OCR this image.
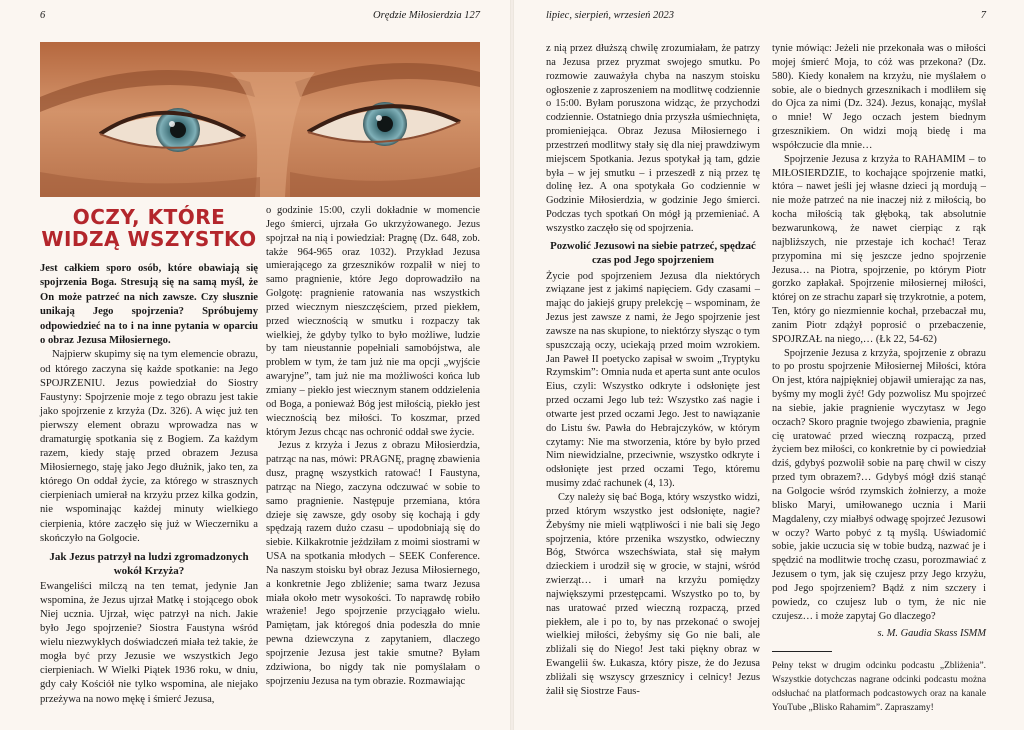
6	Orędzie Miłosierdzia 127	lipiec, sierpień, wrzesień 2023	7
OCZY, KTÓRE WIDZĄ WSZYSTKO

Jest całkiem sporo osób, które obawiają się spojrzenia Boga. Stresują się na samą myśl, że On może patrzeć na nich zawsze. Czy słusznie unikają Jego spojrzenia? Spróbujemy odpowiedzieć na to i na inne pytania w oparciu o obraz Jezusa Miłosiernego.

Najpierw skupimy się na tym elemencie obrazu, od którego zaczyna się każde spotkanie: na Jego SPOJRZENIU. Jezus powiedział do Siostry Faustyny: Spojrzenie moje z tego obrazu jest takie jako spojrzenie z krzyża (Dz. 326). A więc już ten pierwszy element obrazu wprowadza nas w dramaturgię spotkania się z Bogiem. Za każdym razem, kiedy staję przed obrazem Jezusa Miłosiernego, staję jako Jego dłużnik, jako ten, za którego On oddał życie, za którego w strasznych cierpieniach umierał na krzyżu przez kilka godzin, nie wspominając każdej minuty wielkiego cierpienia, które zaczęło się już w Wieczerniku a skończyło na Golgocie.

Jak Jezus patrzył na ludzi zgromadzonych wokół Krzyża?

Ewangeliści milczą na ten temat, jedynie Jan wspomina, że Jezus ujrzał Matkę i stojącego obok Niej ucznia. Ujrzał, więc patrzył na nich. Jakie było Jego spojrzenie? Siostra Faustyna wśród wielu niezwykłych doświadczeń miała też takie, że mogła być przy Jezusie we wszystkich Jego cierpieniach. W Wielki Piątek 1936 roku, w dniu, gdy cały Kościół nie tylko wspomina, ale niejako przeżywa na nowo mękę i śmierć Jezusa,

o godzinie 15:00, czyli dokładnie w momencie Jego śmierci, ujrzała Go ukrzyżowanego. Jezus spojrzał na nią i powiedział: Pragnę (Dz. 648, zob. także 964-965 oraz 1032). Przykład Jezusa umierającego za grzeszników rozpalił w niej to samo pragnienie, które Jego doprowadziło na Golgotę: pragnienie ratowania nas wszystkich przed wiecznym nieszczęściem, przed piekłem, przed wiecznością w smutku i rozpaczy tak wielkiej, że gdyby tylko to było możliwe, ludzie by tam nieustannie popełniali samobójstwa, ale problem w tym, że tam już nie ma opcji „wyjście awaryjne”, tam już nie ma możliwości końca lub zmiany – piekło jest wiecznym stanem oddzielenia od Boga, a ponieważ Bóg jest miłością, piekło jest wiecznością bez miłości. To koszmar, przed którym Jezus chcąc nas ochronić oddał swe życie.

Jezus z krzyża i Jezus z obrazu Miłosierdzia, patrząc na nas, mówi: PRAGNĘ, pragnę zbawienia dusz, pragnę wszystkich ratować! I Faustyna, patrząc na Niego, zaczyna odczuwać w sobie to samo pragnienie. Następuje przemiana, która dzieje się zawsze, gdy osoby się kochają i gdy spędzają razem dużo czasu – upodobniają się do siebie. Kilkakrotnie jeździłam z moimi siostrami w USA na spotkania młodych – SEEK Conference. Na naszym stoisku był obraz Jezusa Miłosiernego, a konkretnie Jego zbliżenie; sama twarz Jezusa miała około metr wysokości. To naprawdę robiło wrażenie! Jego spojrzenie przyciągało wielu. Pamiętam, jak któregoś dnia podeszła do mnie pewna dziewczyna z zapytaniem, dlaczego spojrzenie Jezusa jest takie smutne? Byłam zdziwiona, bo nigdy tak nie pomyślałam o spojrzeniu Jezusa na tym obrazie. Rozmawiając

z nią przez dłuższą chwilę zrozumiałam, że patrzy na Jezusa przez pryzmat swojego smutku. Po rozmowie zauważyła chyba na naszym stoisku ogłoszenie z zaproszeniem na modlitwę codziennie o 15:00. Byłam poruszona widząc, że przychodzi codziennie. Ostatniego dnia przyszła uśmiechnięta, promieniejąca. Obraz Jezusa Miłosiernego i przestrzeń modlitwy stały się dla niej prawdziwym miejscem Spotkania. Jezus spotykał ją tam, gdzie była – w jej smutku – i przeszedł z nią przez tę dolinę łez. A ona spotykała Go codziennie w Godzinie Miłosierdzia, w godzinie Jego śmierci. Podczas tych spotkań On mógł ją przemieniać. A wszystko zaczęło się od spojrzenia.

Pozwolić Jezusowi na siebie patrzeć, spędzać czas pod Jego spojrzeniem

Życie pod spojrzeniem Jezusa dla niektórych związane jest z jakimś napięciem. Gdy czasami – mając do jakiejś grupy prelekcję – wspominam, że Jezus jest zawsze z nami, że Jego spojrzenie jest zawsze na nas skupione, to niektórzy słysząc o tym spuszczają oczy, uciekają przed moim wzrokiem. Jan Paweł II poetycko zapisał w swoim „Tryptyku Rzymskim”: Omnia nuda et aperta sunt ante oculos Eius, czyli: Wszystko odkryte i odsłonięte jest przed oczami Jego lub też: Wszystko zaś nagie i otwarte jest przed oczami Jego. Jest to nawiązanie do Listu św. Pawła do Hebrajczyków, w którym czytamy: Nie ma stworzenia, które by było przed Nim niewidzialne, przeciwnie, wszystko odkryte i odsłonięte jest przed oczami Tego, któremu musimy zdać rachunek (4, 13).

Czy należy się bać Boga, który wszystko widzi, przed którym wszystko jest odsłonięte, nagie? Żebyśmy nie mieli wątpliwości i nie bali się Jego spojrzenia, które przenika wszystko, odwieczny Bóg, Stwórca wszechświata, stał się małym dzieckiem i urodził się w grocie, w stajni, wśród zwierząt… i umarł na krzyżu pomiędzy największymi przestępcami. Wszystko po to, by nas uratować przed wieczną rozpaczą, przed piekłem, ale i po to, by nas przekonać o swojej wielkiej miłości, żebyśmy się Go nie bali, ale zbliżali się do Niego! Jest taki piękny obraz w Ewangelii św. Łukasza, który pisze, że do Jezusa zbliżali się wszyscy grzesznicy i celnicy! Jezus żalił się Siostrze Faus-

tynie mówiąc: Jeżeli nie przekonała was o miłości mojej śmierć Moja, to cóż was przekona? (Dz. 580). Kiedy konałem na krzyżu, nie myślałem o sobie, ale o biednych grzesznikach i modliłem się do Ojca za nimi (Dz. 324). Jezus, konając, myślał o mnie! W Jego oczach jestem biednym grzesznikiem. On widzi moją biedę i ma współczucie dla mnie…

Spojrzenie Jezusa z krzyża to RAHAMIM – to MIŁOSIERDZIE, to kochające spojrzenie matki, która – nawet jeśli jej własne dzieci ją mordują – nie może patrzeć na nie inaczej niż z miłością, bo kocha miłością tak głęboką, tak absolutnie bezwarunkową, że nawet cierpiąc z rąk najbliższych, nie przestaje ich kochać! Teraz przypomina mi się jeszcze jedno spojrzenie Jezusa… na Piotra, spojrzenie, po którym Piotr gorzko zapłakał. Spojrzenie miłosiernej miłości, której on ze strachu zaparł się trzykrotnie, a potem, Ten, który go niezmiennie kochał, przebaczał mu, zanim Piotr zdążył poprosić o przebaczenie, SPOJRZAŁ na niego,… (Łk 22, 54-62)

Spojrzenie Jezusa z krzyża, spojrzenie z obrazu to po prostu spojrzenie Miłosiernej Miłości, która On jest, która najpiękniej objawił umierając za nas, byśmy my mogli żyć! Gdy pozwolisz Mu spojrzeć na siebie, jakie pragnienie wyczytasz w Jego oczach? Skoro pragnie twojego zbawienia, pragnie cię uratować przed wieczną rozpaczą, przed życiem bez miłości, co konkretnie by ci powiedział dziś, gdybyś pozwolił sobie na parę chwil w ciszy przed tym obrazem?… Gdybyś mógł dziś stanąć na Golgocie wśród rzymskich żołnierzy, a może blisko Maryi, umiłowanego ucznia i Marii Magdaleny, czy miałbyś odwagę spojrzeć Jezusowi w oczy? Warto pobyć z tą myślą. Uświadomić sobie, jakie uczucia się w tobie budzą, nazwać je i spędzić na modlitwie trochę czasu, porozmawiać z Jezusem o tym, jak się czujesz przy Jego krzyżu, pod Jego spojrzeniem? Bądź z nim szczery i powiedz, co czujesz lub o tym, że nic nie czujesz… i może zapytaj Go dlaczego?

s. M. Gaudia Skass ISMM

Pełny tekst w drugim odcinku podcastu „Zbliżenia”. Wszystkie dotychczas nagrane odcinki podcastu można odsłuchać na platformach podcastowych oraz na kanale YouTube „Blisko Rahamim”. Zapraszamy!
